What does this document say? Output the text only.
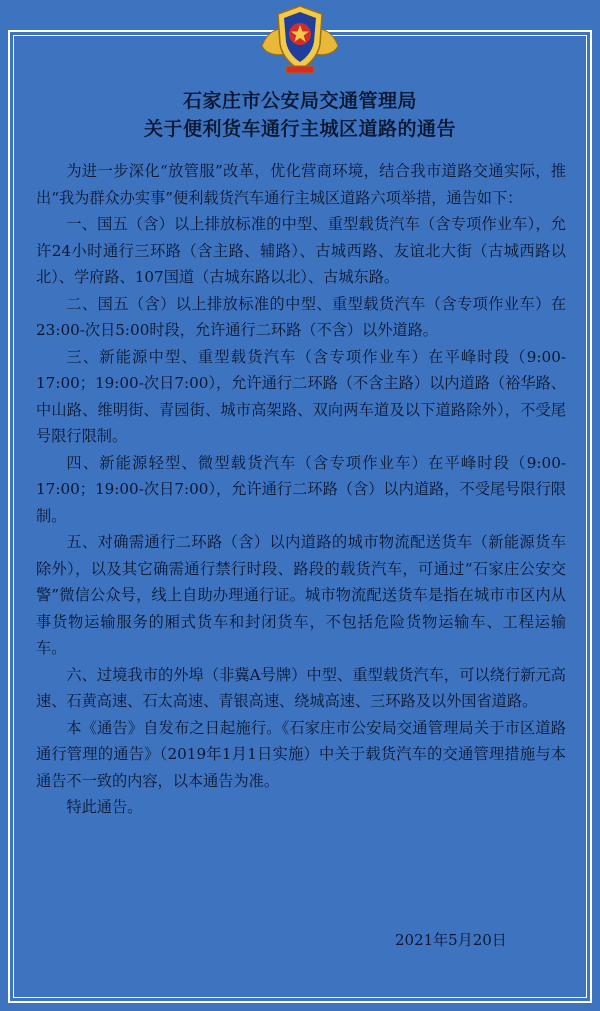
石家庄市公安局交通管理局
关于便利货车通行主城区道路的通告

为进一步深化“放管服”改革，优化营商环境，结合我市道路交通实际，推出“我为群众办实事”便利载货汽车通行主城区道路六项举措，通告如下：

一、国五（含）以上排放标准的中型、重型载货汽车（含专项作业车），允许24小时通行三环路（含主路、辅路）、古城西路、友谊北大街（古城西路以北）、学府路、107国道（古城东路以北）、古城东路。

二、国五（含）以上排放标准的中型、重型载货汽车（含专项作业车）在23:00-次日5:00时段，允许通行二环路（不含）以外道路。

三、新能源中型、重型载货汽车（含专项作业车）在平峰时段（9:00-17:00；19:00-次日7:00），允许通行二环路（不含主路）以内道路（裕华路、中山路、维明街、青园街、城市高架路、双向两车道及以下道路除外），不受尾号限行限制。

四、新能源轻型、微型载货汽车（含专项作业车）在平峰时段（9:00-17:00；19:00-次日7:00），允许通行二环路（含）以内道路，不受尾号限行限制。

五、对确需通行二环路（含）以内道路的城市物流配送货车（新能源货车除外），以及其它确需通行禁行时段、路段的载货汽车，可通过“石家庄公安交警”微信公众号，线上自助办理通行证。城市物流配送货车是指在城市市区内从事货物运输服务的厢式货车和封闭货车，不包括危险货物运输车、工程运输车。

六、过境我市的外埠（非冀A号牌）中型、重型载货汽车，可以绕行新元高速、石黄高速、石太高速、青银高速、绕城高速、三环路及以外国省道路。

本《通告》自发布之日起施行。《石家庄市公安局交通管理局关于市区道路通行管理的通告》（2019年1月1日实施）中关于载货汽车的交通管理措施与本通告不一致的内容，以本通告为准。

特此通告。

2021年5月20日
